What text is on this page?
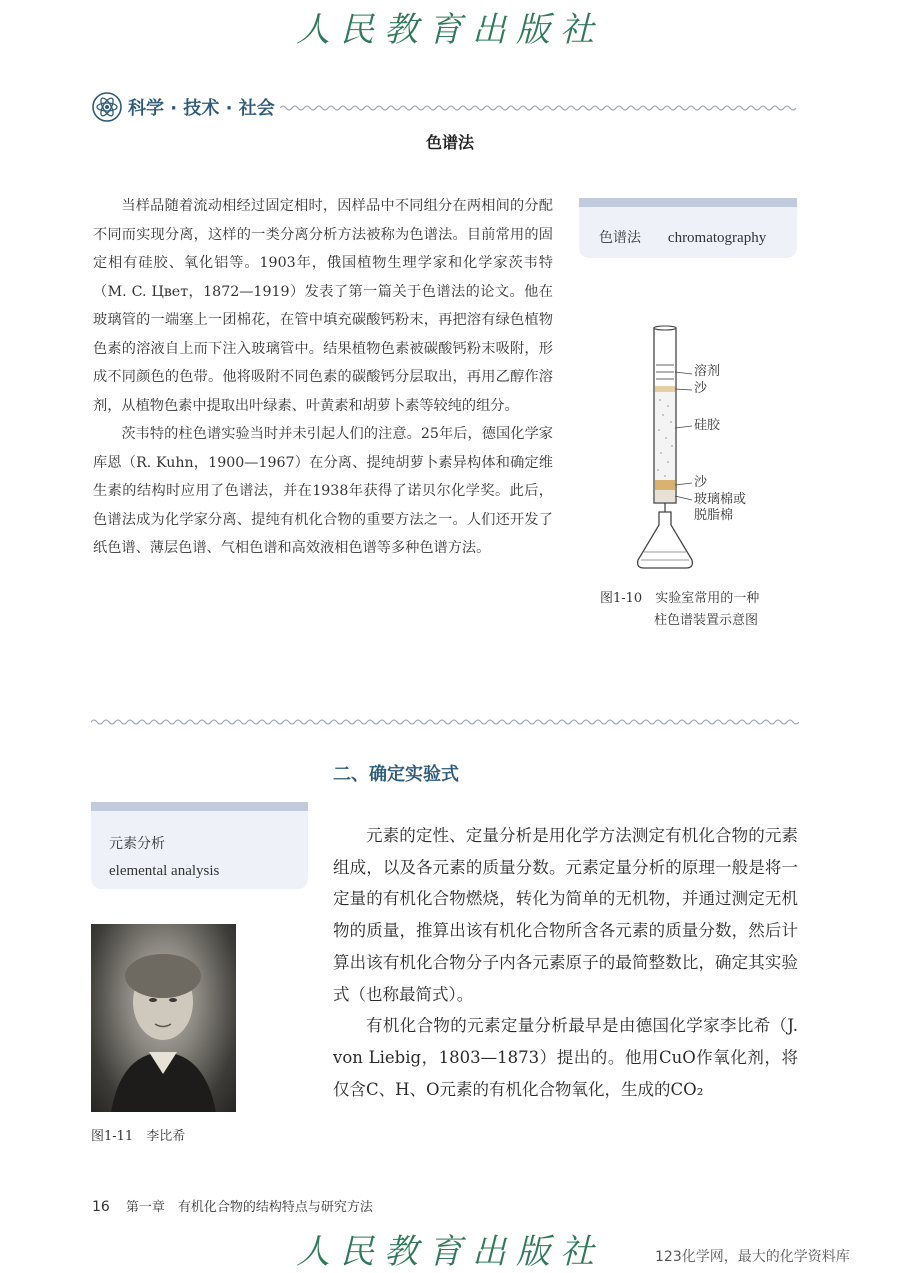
人民教育出版社
科学 · 技术 · 社会
色谱法

当样品随着流动相经过固定相时，因样品中不同组分在两相间的分配不同而实现分离，这样的一类分离分析方法被称为色谱法。目前常用的固定相有硅胶、氧化铝等。1903年，俄国植物生理学家和化学家茨韦特（M. C. Цвет，1872—1919）发表了第一篇关于色谱法的论文。他在玻璃管的一端塞上一团棉花，在管中填充碳酸钙粉末，再把溶有绿色植物色素的溶液自上而下注入玻璃管中。结果植物色素被碳酸钙粉末吸附，形成不同颜色的色带。他将吸附不同色素的碳酸钙分层取出，再用乙醇作溶剂，从植物色素中提取出叶绿素、叶黄素和胡萝卜素等较纯的组分。

茨韦特的柱色谱实验当时并未引起人们的注意。25年后，德国化学家库恩（R. Kuhn，1900—1967）在分离、提纯胡萝卜素异构体和确定维生素的结构时应用了色谱法，并在1938年获得了诺贝尔化学奖。此后，色谱法成为化学家分离、提纯有机化合物的重要方法之一。人们还开发了纸色谱、薄层色谱、气相色谱和高效液相色谱等多种色谱方法。

色谱法 chromatography
溶剂
沙
硅胶
沙
玻璃棉或
脱脂棉
图1-10　实验室常用的一种
柱色谱装置示意图
二、确定实验式
元素分析
elemental analysis
图1-11　李比希

元素的定性、定量分析是用化学方法测定有机化合物的元素组成，以及各元素的质量分数。元素定量分析的原理一般是将一定量的有机化合物燃烧，转化为简单的无机物，并通过测定无机物的质量，推算出该有机化合物所含各元素的质量分数，然后计算出该有机化合物分子内各元素原子的最简整数比，确定其实验式（也称最简式）。

有机化合物的元素定量分析最早是由德国化学家李比希（J. von Liebig，1803—1873）提出的。他用CuO作氧化剂，将仅含C、H、O元素的有机化合物氧化，生成的CO₂

16 第一章　有机化合物的结构特点与研究方法
人民教育出版社	123化学网，最大的化学资料库
